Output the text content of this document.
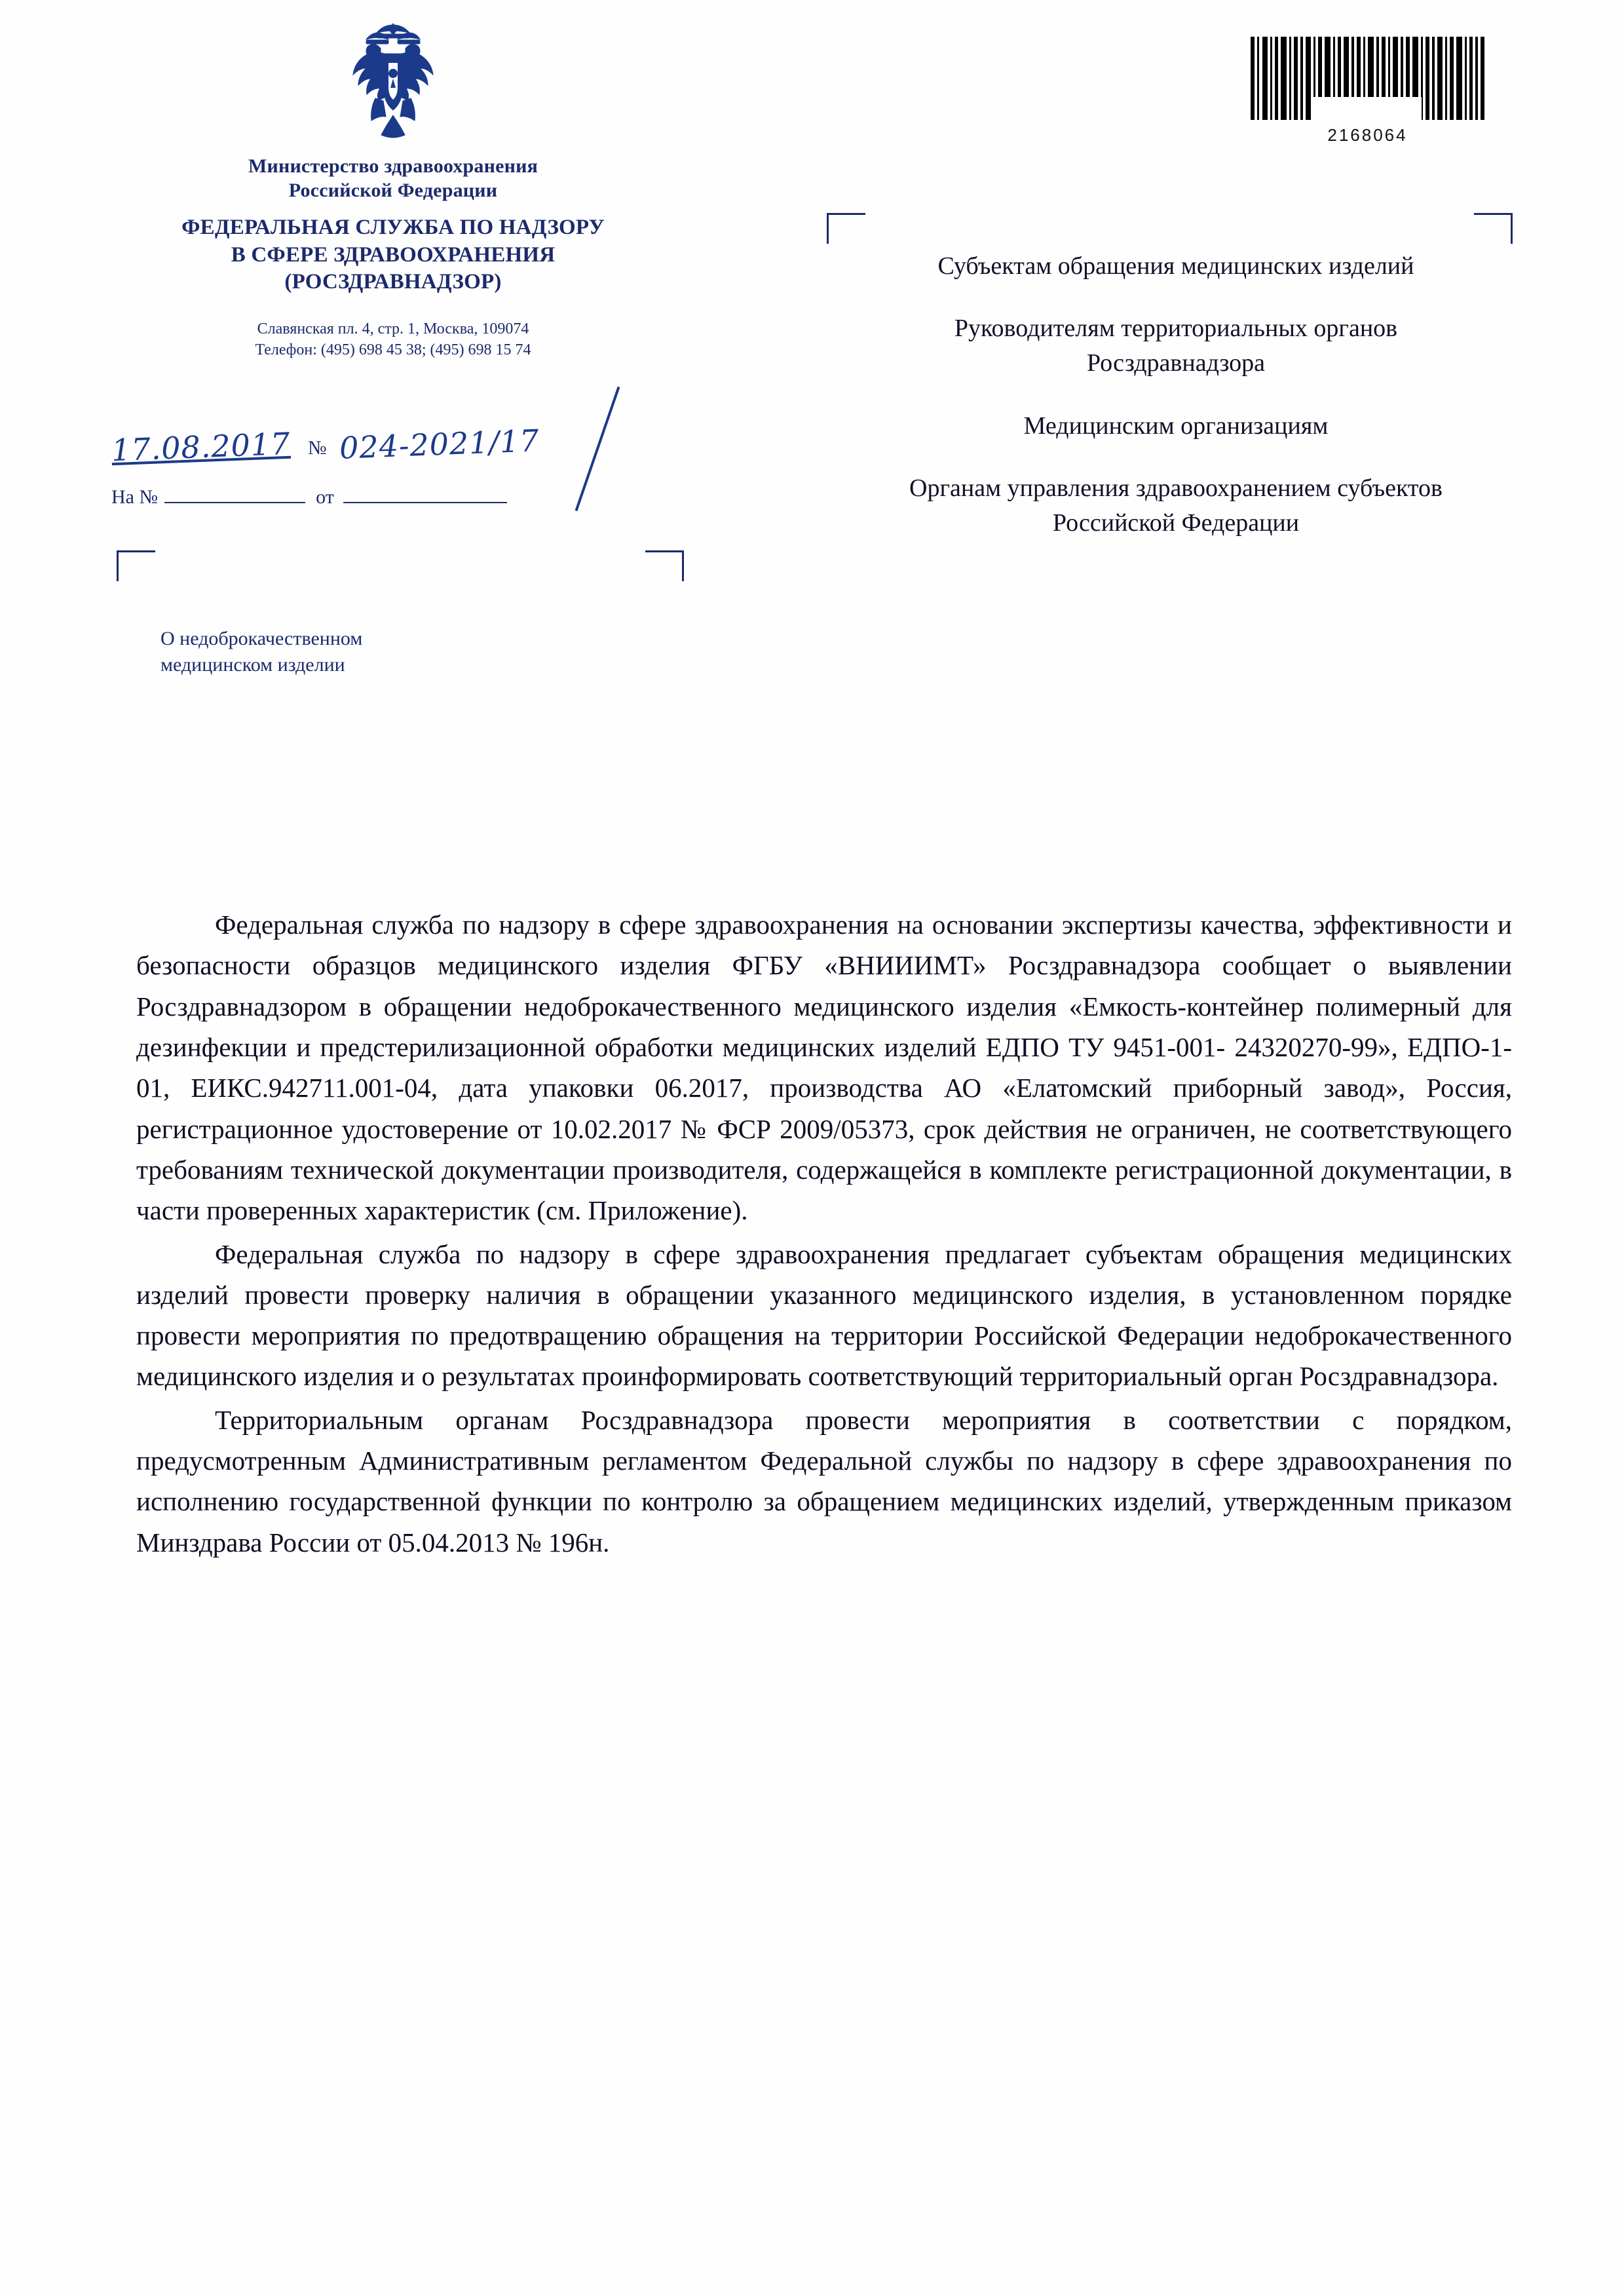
Министерство здравоохранения
Российской Федерации
ФЕДЕРАЛЬНАЯ СЛУЖБА ПО НАДЗОРУ
В СФЕРЕ ЗДРАВООХРАНЕНИЯ
(РОСЗДРАВНАДЗОР)
Славянская пл. 4, стр. 1, Москва, 109074
Телефон: (495) 698 45 38; (495) 698 15 74
17.08.2017 № 024-2021/17
На №	от
О недоброкачественном
медицинском изделии
2168064

Субъектам обращения медицинских изделий

Руководителям территориальных органов Росздравнадзора

Медицинским организациям

Органам управления здравоохранением субъектов Российской Федерации

Федеральная служба по надзору в сфере здравоохранения на основании экспертизы качества, эффективности и безопасности образцов медицинского изделия ФГБУ «ВНИИИМТ» Росздравнадзора сообщает о выявлении Росздравнадзором в обращении недоброкачественного медицинского изделия «Емкость-контейнер полимерный для дезинфекции и предстерилизационной обработки медицинских изделий ЕДПО ТУ 9451-001- 24320270-99», ЕДПО-1-01, ЕИКС.942711.001-04, дата упаковки 06.2017, производства АО «Елатомский приборный завод», Россия, регистрационное удостоверение от 10.02.2017 № ФСР 2009/05373, срок действия не ограничен, не соответствующего требованиям технической документации производителя, содержащейся в комплекте регистрационной документации, в части проверенных характеристик (см. Приложение).

Федеральная служба по надзору в сфере здравоохранения предлагает субъектам обращения медицинских изделий провести проверку наличия в обращении указанного медицинского изделия, в установленном порядке провести мероприятия по предотвращению обращения на территории Российской Федерации недоброкачественного медицинского изделия и о результатах проинформировать соответствующий территориальный орган Росздравнадзора.

Территориальным органам Росздравнадзора провести мероприятия в соответствии с порядком, предусмотренным Административным регламентом Федеральной службы по надзору в сфере здравоохранения по исполнению государственной функции по контролю за обращением медицинских изделий, утвержденным приказом Минздрава России от 05.04.2013 № 196н.
